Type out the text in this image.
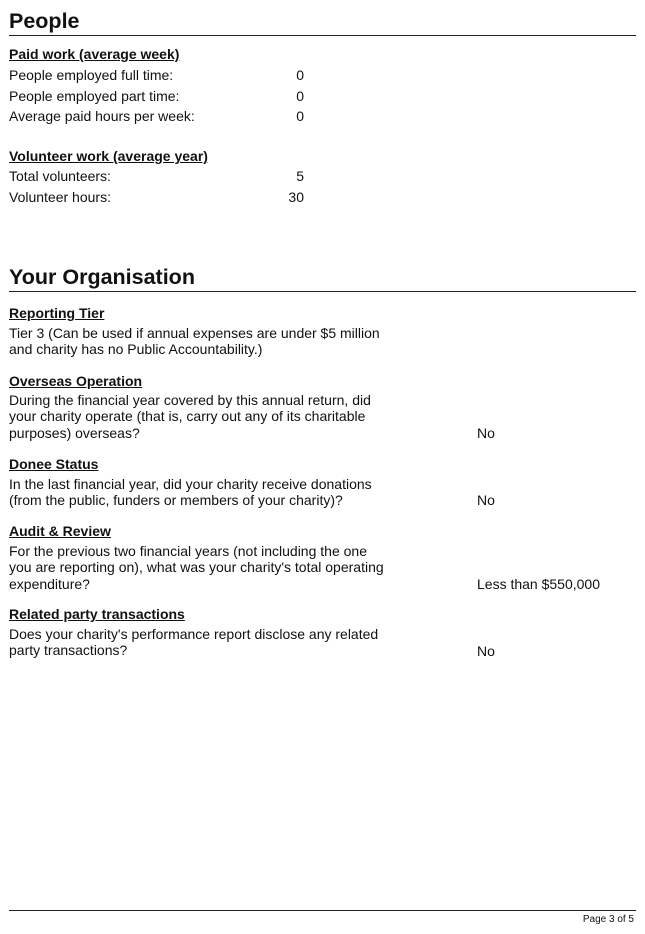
People
Paid work (average week)
People employed full time:	0
People employed part time:	0
Average paid hours per week:	0
Volunteer work (average year)
Total volunteers:	5
Volunteer hours:	30
Your Organisation
Reporting Tier
Tier 3 (Can be used if annual expenses are under $5 million
and charity has no Public Accountability.)
Overseas Operation
During the financial year covered by this annual return, did
your charity operate (that is, carry out any of its charitable
purposes) overseas?	No
Donee Status
In the last financial year, did your charity receive donations
(from the public, funders or members of your charity)?	No
Audit & Review
For the previous two financial years (not including the one
you are reporting on), what was your charity's total operating
expenditure?	Less than $550,000
Related party transactions
Does your charity's performance report disclose any related
party transactions?	No
Page 3 of 5
